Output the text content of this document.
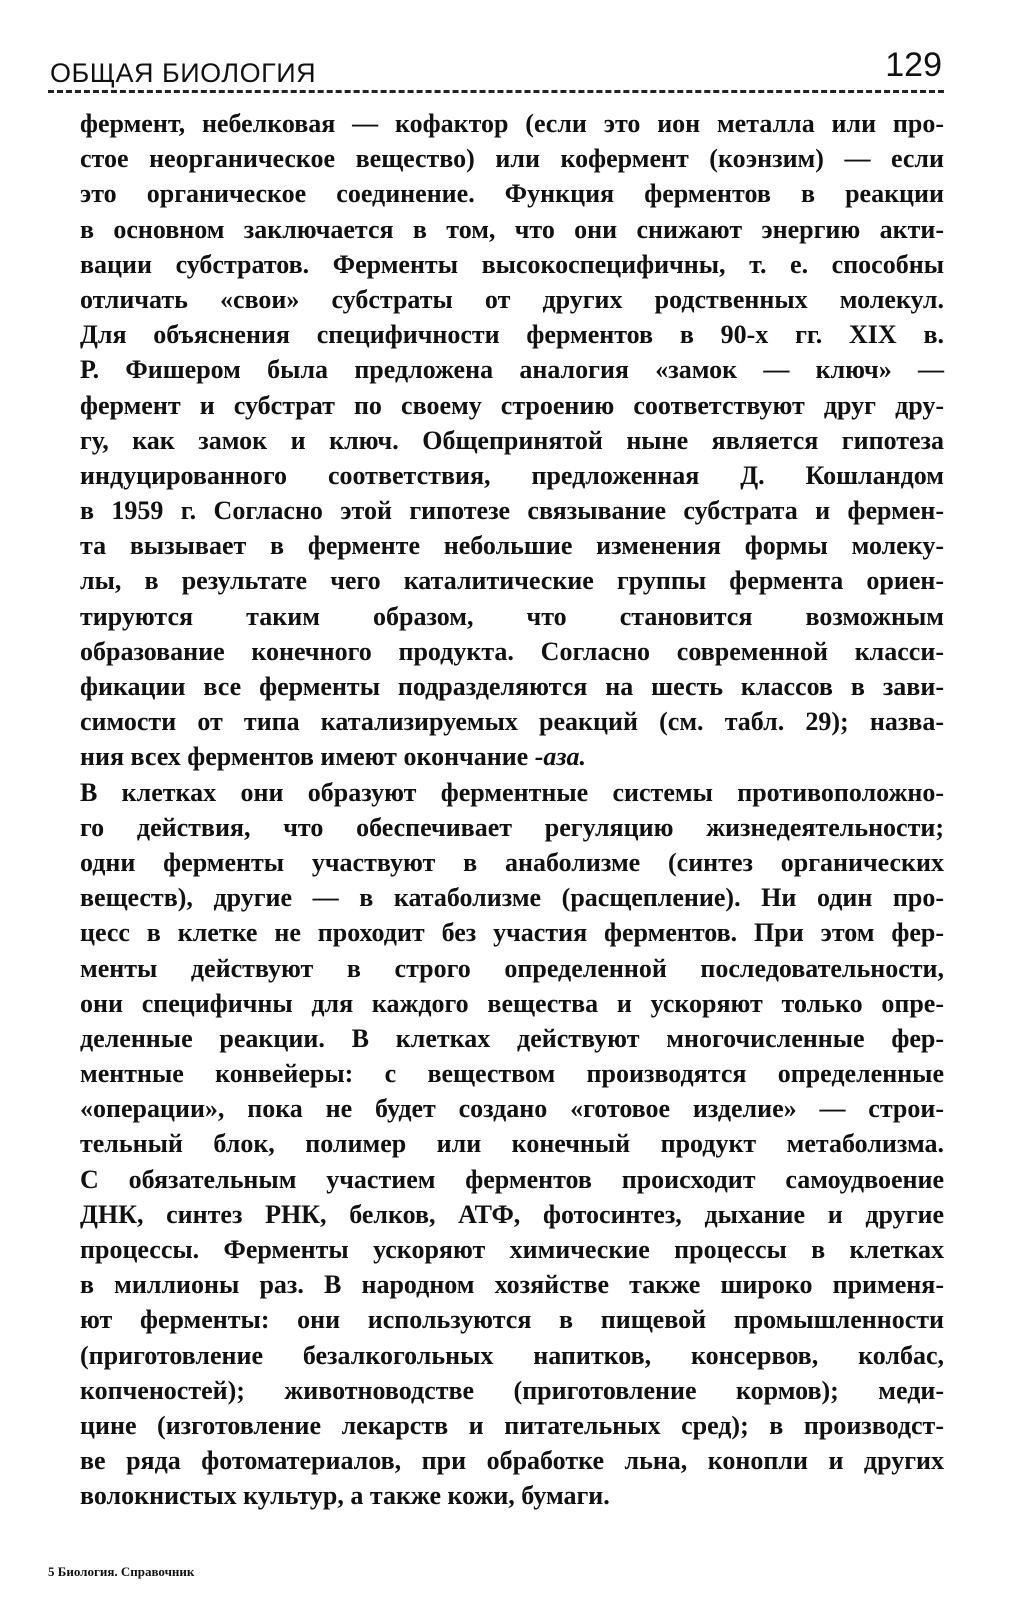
ОБЩАЯ БИОЛОГИЯ	129
фермент, небелковая — кофактор (если это ион металла или про-
стое неорганическое вещество) или кофермент (коэнзим) — если
это органическое соединение. Функция ферментов в реакции
в основном заключается в том, что они снижают энергию акти-
вации субстратов. Ферменты высокоспецифичны, т. е. способны
отличать «свои» субстраты от других родственных молекул.
Для объяснения специфичности ферментов в 90-х гг. XIX в.
Р. Фишером была предложена аналогия «замок — ключ» —
фермент и субстрат по своему строению соответствуют друг дру-
гу, как замок и ключ. Общепринятой ныне является гипотеза
индуцированного соответствия, предложенная Д. Кошландом
в 1959 г. Согласно этой гипотезе связывание субстрата и фермен-
та вызывает в ферменте небольшие изменения формы молеку-
лы, в результате чего каталитические группы фермента ориен-
тируются таким образом, что становится возможным
образование конечного продукта. Согласно современной класси-
фикации все ферменты подразделяются на шесть классов в зави-
симости от типа катализируемых реакций (см. табл. 29); назва-
ния всех ферментов имеют окончание -аза.
В клетках они образуют ферментные системы противоположно-
го действия, что обеспечивает регуляцию жизнедеятельности;
одни ферменты участвуют в анаболизме (синтез органических
веществ), другие — в катаболизме (расщепление). Ни один про-
цесс в клетке не проходит без участия ферментов. При этом фер-
менты действуют в строго определенной последовательности,
они специфичны для каждого вещества и ускоряют только опре-
деленные реакции. В клетках действуют многочисленные фер-
ментные конвейеры: с веществом производятся определенные
«операции», пока не будет создано «готовое изделие» — строи-
тельный блок, полимер или конечный продукт метаболизма.
С обязательным участием ферментов происходит самоудвоение
ДНК, синтез РНК, белков, АТФ, фотосинтез, дыхание и другие
процессы. Ферменты ускоряют химические процессы в клетках
в миллионы раз. В народном хозяйстве также широко применя-
ют ферменты: они используются в пищевой промышленности
(приготовление безалкогольных напитков, консервов, колбас,
копченостей); животноводстве (приготовление кормов); меди-
цине (изготовление лекарств и питательных сред); в производст-
ве ряда фотоматериалов, при обработке льна, конопли и других
волокнистых культур, а также кожи, бумаги.
5 Биология. Справочник
